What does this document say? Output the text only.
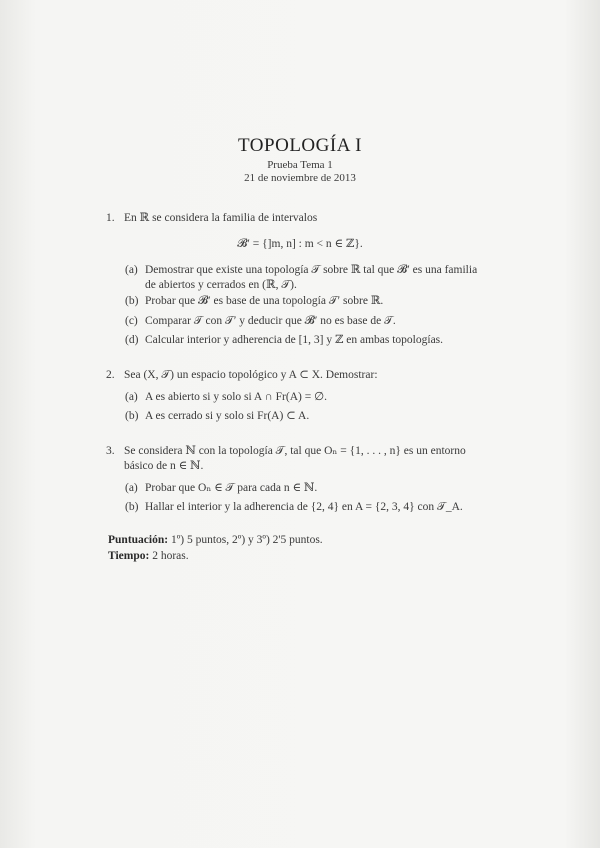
TOPOLOGÍA I
Prueba Tema 1
21 de noviembre de 2013
1. En ℝ se considera la familia de intervalos
𝓑′ = {]m, n] : m < n ∈ ℤ}.
(a) Demostrar que existe una topología 𝒯 sobre ℝ tal que 𝓑′ es una familia
de abiertos y cerrados en (ℝ, 𝒯).
(b) Probar que 𝓑′ es base de una topología 𝒯′ sobre ℝ.
(c) Comparar 𝒯 con 𝒯′ y deducir que 𝓑′ no es base de 𝒯.
(d) Calcular interior y adherencia de [1, 3] y ℤ en ambas topologías.
2. Sea (X, 𝒯) un espacio topológico y A ⊂ X. Demostrar:
(a) A es abierto si y solo si A ∩ Fr(A) = ∅.
(b) A es cerrado si y solo si Fr(A) ⊂ A.
3. Se considera ℕ con la topología 𝒯, tal que Oₙ = {1, . . . , n} es un entorno
básico de n ∈ ℕ.
(a) Probar que Oₙ ∈ 𝒯 para cada n ∈ ℕ.
(b) Hallar el interior y la adherencia de {2, 4} en A = {2, 3, 4} con 𝒯_A.
Puntuación: 1º) 5 puntos, 2º) y 3º) 2'5 puntos.
Tiempo: 2 horas.
